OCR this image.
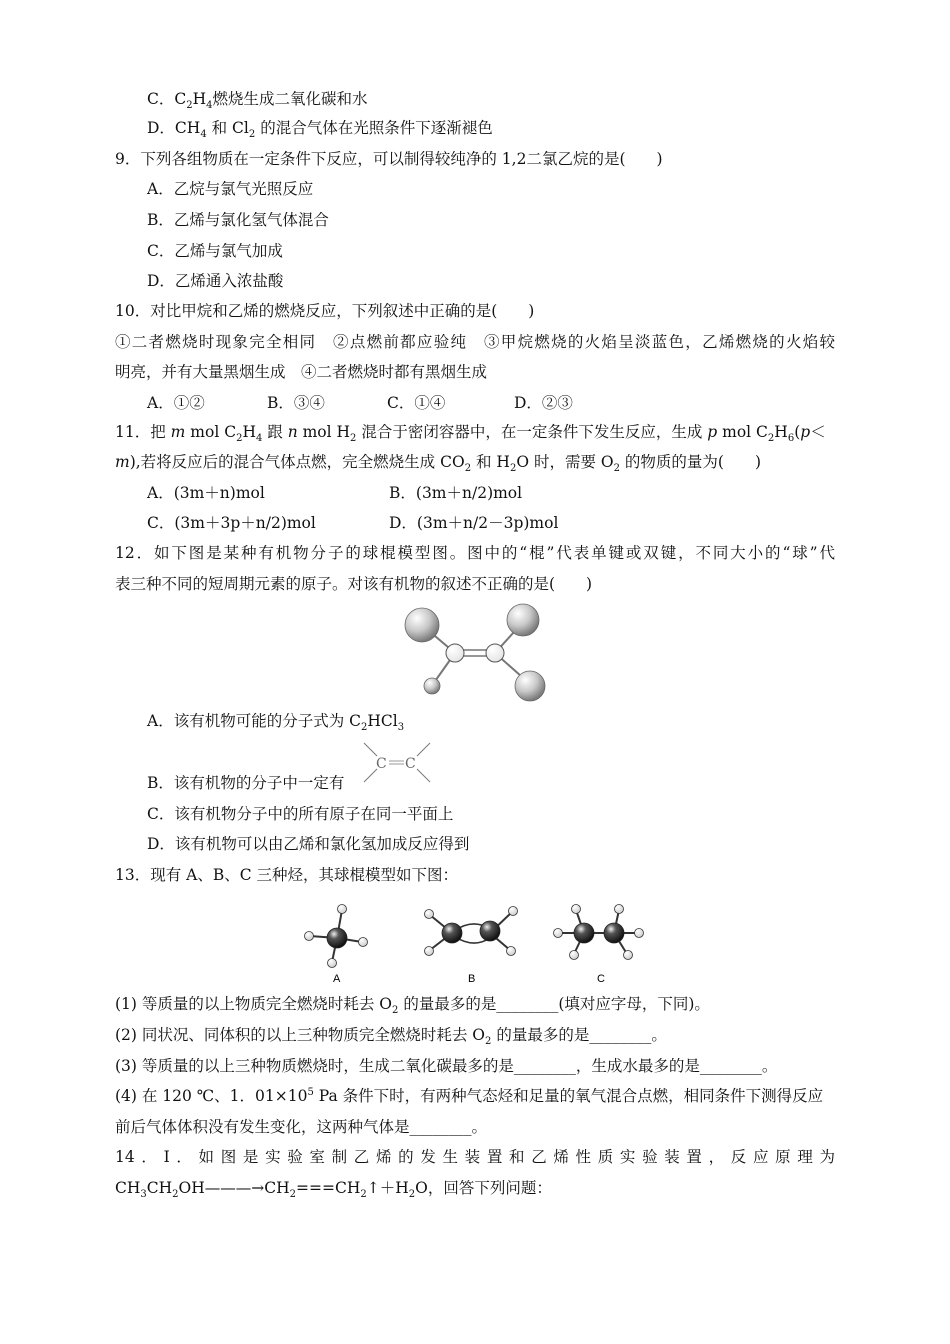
C．$C_2H_4$燃烧生成二氧化碳和水
D．$CH_4$ 和 $Cl_2$ 的混合气体在光照条件下逐渐褪色
9．下列各组物质在一定条件下反应，可以制得较纯净的 1,2二氯乙烷的是(　　)
A．乙烷与氯气光照反应
B．乙烯与氯化氢气体混合
C．乙烯与氯气加成
D．乙烯通入浓盐酸
10．对比甲烷和乙烯的燃烧反应，下列叙述中正确的是(　　)
①二者燃烧时现象完全相同　②点燃前都应验纯　③甲烷燃烧的火焰呈淡蓝色，乙烯燃烧的火焰较
明亮，并有大量黑烟生成　④二者燃烧时都有黑烟生成
A．①②	B．③④	C．①④	D．②③
11．把 m mol $C_2H_4$ 跟 n mol $H_2$ 混合于密闭容器中，在一定条件下发生反应，生成 p mol $C_2H_6(p<$
m),若将反应后的混合气体点燃，完全燃烧生成 $CO_2$ 和 $H_2O$ 时，需要 $O_2$ 的物质的量为(　　)
A．(3m＋n)mol	B．(3m＋n/2)mol
C．(3m＋3p＋n/2)mol	D．(3m＋n/2－3p)mol
12．如下图是某种有机物分子的球棍模型图。图中的“棍”代表单键或双键，不同大小的“球”代
表三种不同的短周期元素的原子。对该有机物的叙述不正确的是(　　)
A．该有机物可能的分子式为 $C_2HCl_3$
B．该有机物的分子中一定有
C C
C．该有机物分子中的所有原子在同一平面上
D．该有机物可以由乙烯和氯化氢加成反应得到
13．现有 A、B、C 三种烃，其球棍模型如下图：
A	B	C
(1) 等质量的以上物质完全燃烧时耗去 $O_2$ 的量最多的是________(填对应字母，下同)。
(2) 同状况、同体积的以上三种物质完全燃烧时耗去 $O_2$ 的量最多的是________。
(3) 等质量的以上三种物质燃烧时，生成二氧化碳最多的是________，生成水最多的是________。
(4) 在 120 ℃、1．$01\times 10^5$ Pa 条件下时，有两种气态烃和足量的氧气混合点燃，相同条件下测得反应
前后气体体积没有发生变化，这两种气体是________。
14．Ⅰ．如图是实验室制乙烯的发生装置和乙烯性质实验装置，反应原理为
$CH_3CH_2OH———\to CH_2===CH_2↑+H_2O$，回答下列问题：
